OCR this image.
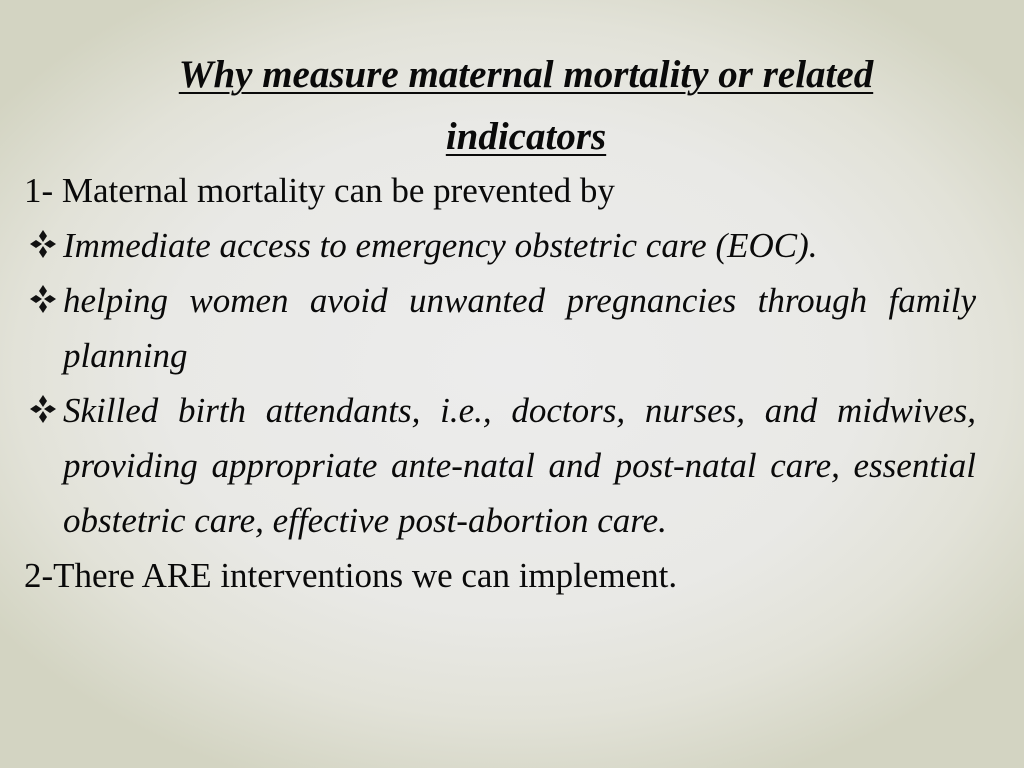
Why measure maternal mortality or related
indicators

1- Maternal mortality can be prevented by

Immediate access to emergency obstetric care (EOC).
helping women avoid unwanted pregnancies through family planning
Skilled birth attendants, i.e., doctors, nurses, and midwives, providing appropriate ante-natal and post-natal care, essential obstetric care, effective post-abortion care.

2-There ARE interventions we can implement.
